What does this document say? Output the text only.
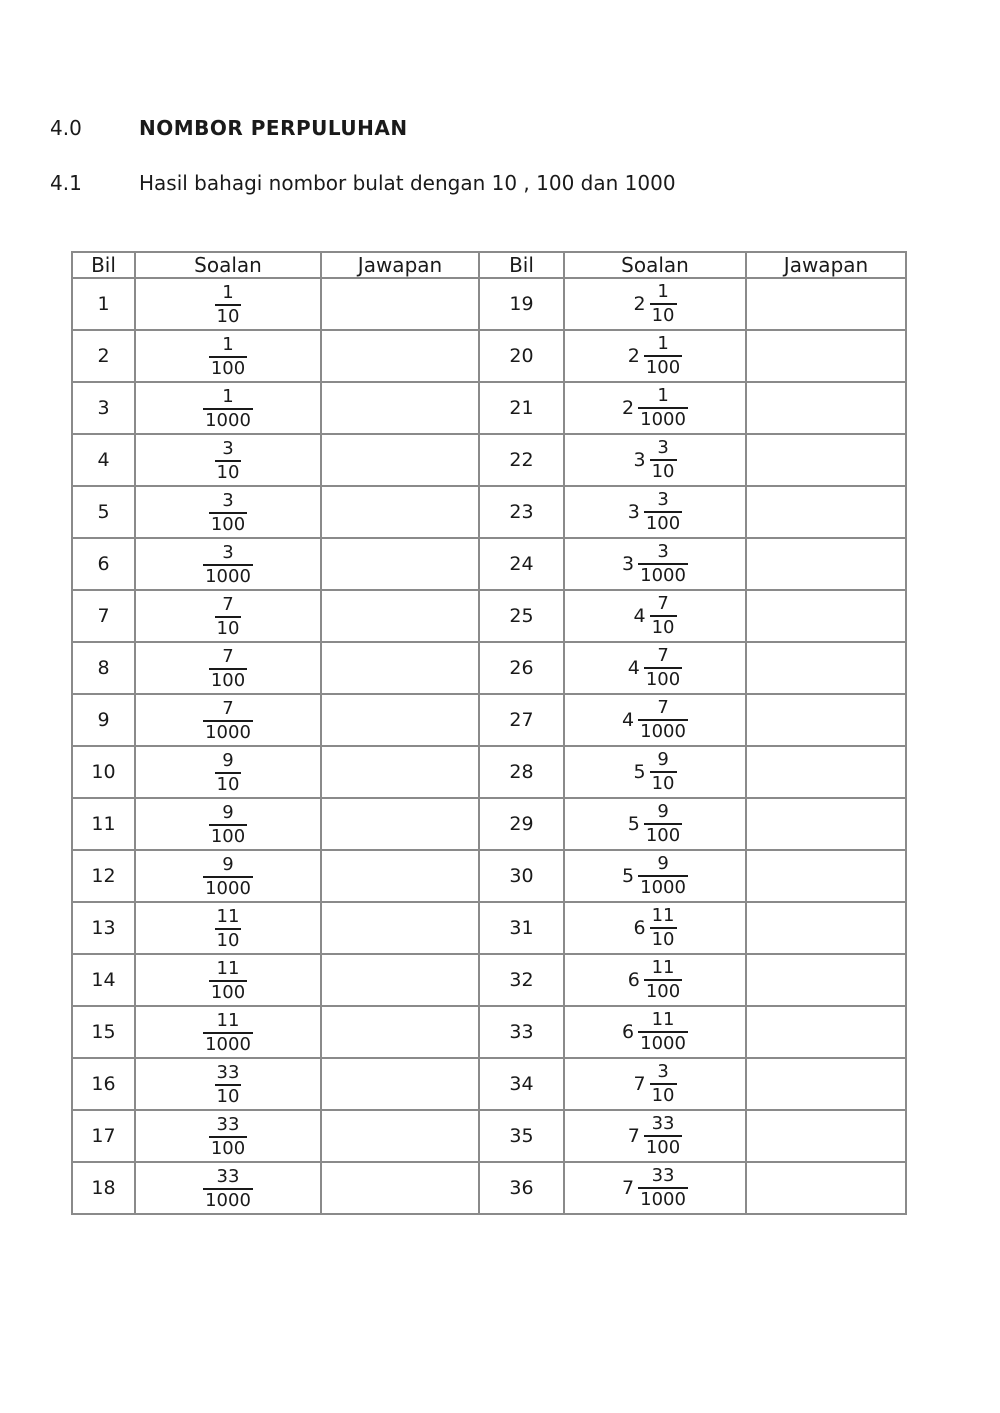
4.0	NOMBOR PERPULUHAN
4.1	Hasil bahagi nombor bulat dengan 10 , 100 dan 1000
Bil	Soalan	Jawapan	Bil	Soalan	Jawapan
1	$\frac{1}{10}$		19	$2 \frac{1}{10}$

2	$\frac{1}{100}$		20	$2 \frac{1}{100}$

3	$\frac{1}{1000}$		21	$2 \frac{1}{1000}$

4	$\frac{3}{10}$		22	$3 \frac{3}{10}$

5	$\frac{3}{100}$		23	$3 \frac{3}{100}$

6	$\frac{3}{1000}$		24	$3 \frac{3}{1000}$

7	$\frac{7}{10}$		25	$4 \frac{7}{10}$

8	$\frac{7}{100}$		26	$4 \frac{7}{100}$

9	$\frac{7}{1000}$		27	$4 \frac{7}{1000}$

10	$\frac{9}{10}$		28	$5 \frac{9}{10}$

11	$\frac{9}{100}$		29	$5 \frac{9}{100}$

12	$\frac{9}{1000}$		30	$5 \frac{9}{1000}$

13	$\frac{11}{10}$		31	$6 \frac{11}{10}$

14	$\frac{11}{100}$		32	$6 \frac{11}{100}$

15	$\frac{11}{1000}$		33	$6 \frac{11}{1000}$

16	$\frac{33}{10}$		34	$7 \frac{3}{10}$

17	$\frac{33}{100}$		35	$7 \frac{33}{100}$

18	$\frac{33}{1000}$		36	$7 \frac{33}{1000}$
